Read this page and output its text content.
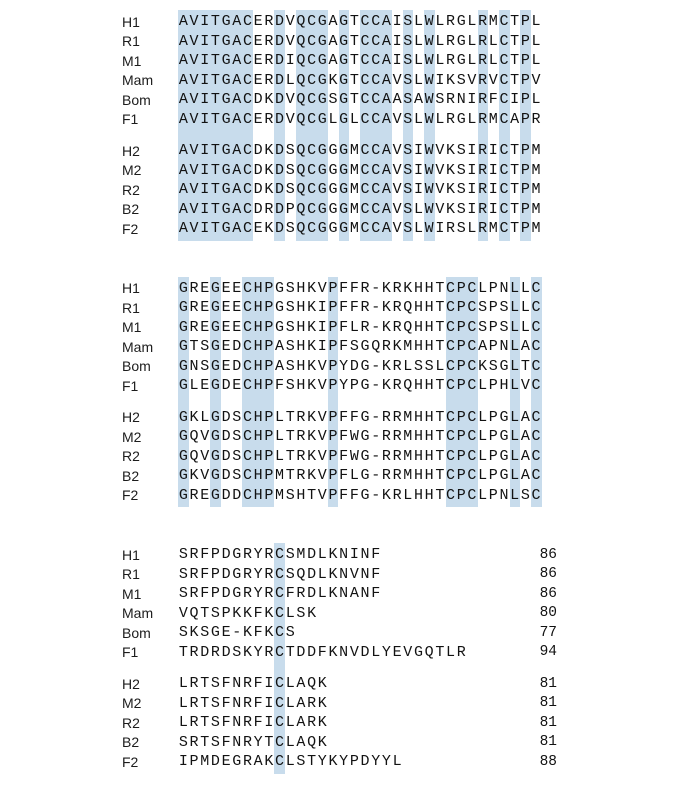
H1	A V I T G A C E R D V Q C G A G T C C A I S L W L R G L R M C T P L
R1	A V I T G A C E R D V Q C G A G T C C A I S L W L R G L R L C T P L
M1	A V I T G A C E R D I Q C G A G T C C A I S L W L R G L R L C T P L
Mam	A V I T G A C E R D L Q C G K G T C C A V S L W I K S V R V C T P V
Bom	A V I T G A C D K D V Q C G S G T C C A A S A W S R N I R F C I P L
F1	A V I T G A C E R D V Q C G L G L C C A V S L W L R G L R M C A P R
H2	A V I T G A C D K D S Q C G G G M C C A V S I W V K S I R I C T P M
M2	A V I T G A C D K D S Q C G G G M C C A V S I W V K S I R I C T P M
R2	A V I T G A C D K D S Q C G G G M C C A V S I W V K S I R I C T P M
B2	A V I T G A C D R D P Q C G G G M C C A V S L W V K S I R I C T P M
F2	A V I T G A C E K D S Q C G G G M C C A V S L W I R S L R M C T P M
H1	G R E G E E C H P G S H K V P F F R - K R K H H T C P C L P N L L C
R1	G R E G E E C H P G S H K I P F F R - K R Q H H T C P C S P S L L C
M1	G R E G E E C H P G S H K I P F L R - K R Q H H T C P C S P S L L C
Mam	G T S G E D C H P A S H K I P F S G Q R K M H H T C P C A P N L A C
Bom	G N S G E D C H P A S H K V P Y D G - K R L S S L C P C K S G L T C
F1	G L E G D E C H P F S H K V P Y P G - K R Q H H T C P C L P H L V C
H2	G K L G D S C H P L T R K V P F F G - R R M H H T C P C L P G L A C
M2	G Q V G D S C H P L T R K V P F W G - R R M H H T C P C L P G L A C
R2	G Q V G D S C H P L T R K V P F W G - R R M H H T C P C L P G L A C
B2	G K V G D S C H P M T R K V P F L G - R R M H H T C P C L P G L A C
F2	G R E G D D C H P M S H T V P F F G - K R L H H T C P C L P N L S C
H1	S R F P D G R Y R C S M D L K N I N F	86
R1	S R F P D G R Y R C S Q D L K N V N F	86
M1	S R F P D G R Y R C F R D L K N A N F	86
Mam	V Q T S P K K F K C L S K	80
Bom	S K S G E - K F K C S	77
F1	T R D R D S K Y R C T D D F K N V D L Y E V G Q T L R	94
H2	L R T S F N R F I C L A Q K	81
M2	L R T S F N R F I C L A R K	81
R2	L R T S F N R F I C L A R K	81
B2	S R T S F N R Y T C L A Q K	81
F2	I P M D E G R A K C L S T Y K Y P D Y Y L	88
